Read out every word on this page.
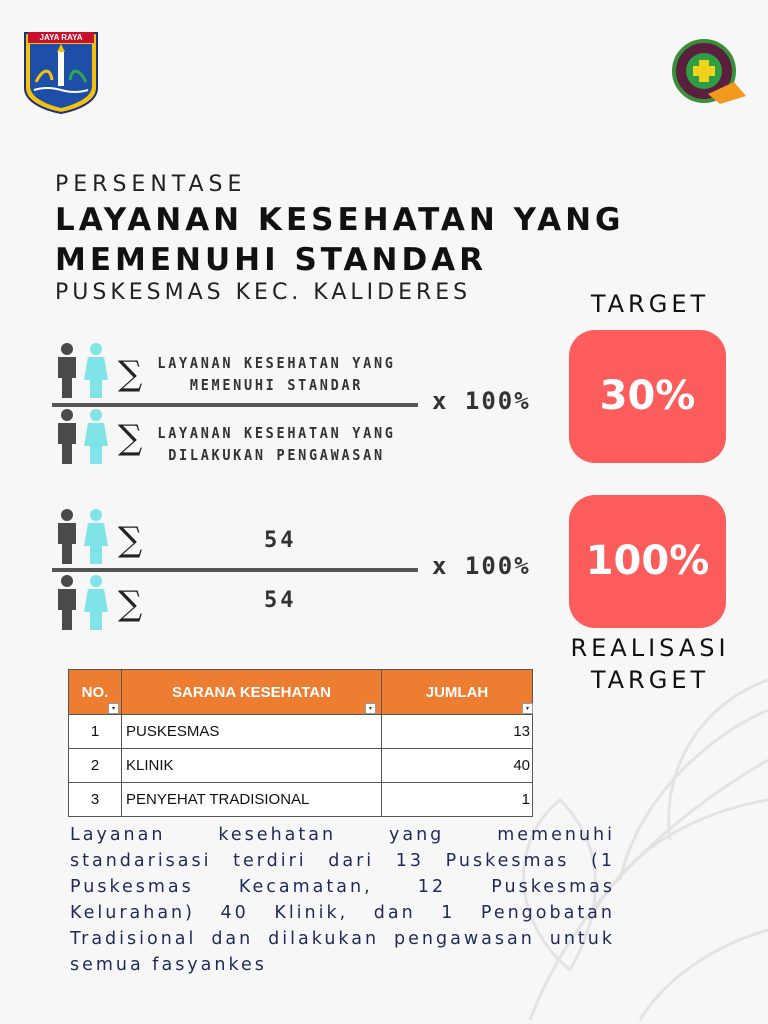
JAYA RAYA
PERSENTASE
LAYANAN KESEHATAN YANG
MEMENUHI STANDAR
PUSKESMAS KEC. KALIDERES	TARGET
30%
100%
REALISASI
TARGET
∑	LAYANAN KESEHATAN YANG
MEMENUHI STANDAR
x 100%
∑	LAYANAN KESEHATAN YANG
DILAKUKAN PENGAWASAN
∑	54
x 100%
∑	54
NO.	SARANA KESEHATAN	JUMLAH
1	PUSKESMAS	13
2	KLINIK	40
3	PENYEHAT TRADISIONAL	1
▾	▾	▾
Layanan kesehatan yang memenuhi standarisasi terdiri dari 13 Puskesmas (1 Puskesmas Kecamatan, 12 Puskesmas Kelurahan) 40 Klinik, dan 1 Pengobatan Tradisional dan dilakukan pengawasan untuk semua fasyankes
